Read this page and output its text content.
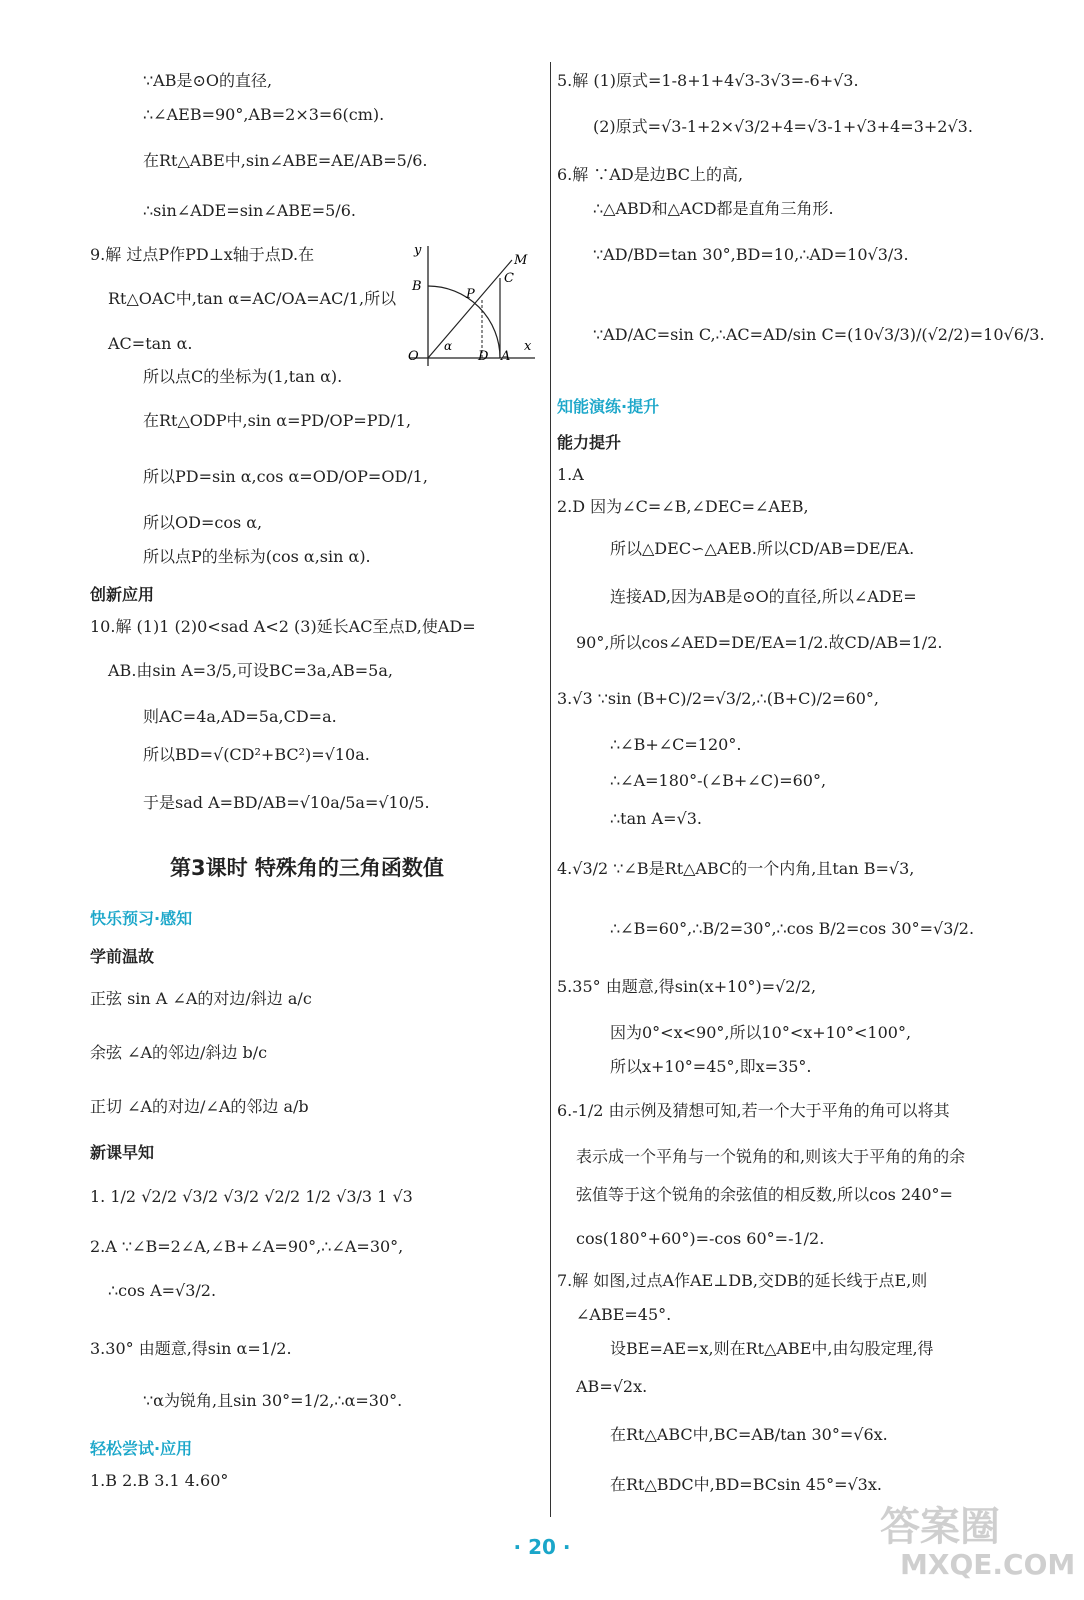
∵AB是⊙O的直径,
∴∠AEB=90°,AB=2×3=6(cm).
在Rt△ABE中,sin∠ABE=AE/AB=5/6.
∴sin∠ADE=sin∠ABE=5/6.
9.解 过点P作PD⊥x轴于点D.在
Rt△OAC中,tan α=AC/OA=AC/1,所以
AC=tan α.
所以点C的坐标为(1,tan α).
在Rt△ODP中,sin α=PD/OP=PD/1,
所以PD=sin α,cos α=OD/OP=OD/1,
所以OD=cos α,
所以点P的坐标为(cos α,sin α).
创新应用
10.解 (1)1 (2)0<sad A<2 (3)延长AC至点D,使AD=
AB.由sin A=3/5,可设BC=3a,AB=5a,
则AC=4a,AD=5a,CD=a.
所以BD=√(CD²+BC²)=√10a.
于是sad A=BD/AB=√10a/5a=√10/5.
第3课时 特殊角的三角函数值
快乐预习·感知
学前温故
正弦 sin A ∠A的对边/斜边 a/c
余弦 ∠A的邻边/斜边 b/c
正切 ∠A的对边/∠A的邻边 a/b
新课早知
1. 1/2 √2/2 √3/2 √3/2 √2/2 1/2 √3/3 1 √3
2.A ∵∠B=2∠A,∠B+∠A=90°,∴∠A=30°,
∴cos A=√3/2.
3.30° 由题意,得sin α=1/2.
∵α为锐角,且sin 30°=1/2,∴α=30°.
轻松尝试·应用
1.B 2.B 3.1 4.60°
y
M
B
P
C
α
O	D A
x
5.解 (1)原式=1-8+1+4√3-3√3=-6+√3.
(2)原式=√3-1+2×√3/2+4=√3-1+√3+4=3+2√3.
6.解 ∵AD是边BC上的高,
∴△ABD和△ACD都是直角三角形.
∵AD/BD=tan 30°,BD=10,∴AD=10√3/3.
∵AD/AC=sin C,∴AC=AD/sin C=(10√3/3)/(√2/2)=10√6/3.
知能演练·提升
能力提升
1.A
2.D 因为∠C=∠B,∠DEC=∠AEB,
所以△DEC∽△AEB.所以CD/AB=DE/EA.
连接AD,因为AB是⊙O的直径,所以∠ADE=
90°,所以cos∠AED=DE/EA=1/2.故CD/AB=1/2.
3.√3 ∵sin (B+C)/2=√3/2,∴(B+C)/2=60°,
∴∠B+∠C=120°.
∴∠A=180°-(∠B+∠C)=60°,
∴tan A=√3.
4.√3/2 ∵∠B是Rt△ABC的一个内角,且tan B=√3,
∴∠B=60°,∴B/2=30°,∴cos B/2=cos 30°=√3/2.
5.35° 由题意,得sin(x+10°)=√2/2,
因为0°<x<90°,所以10°<x+10°<100°,
所以x+10°=45°,即x=35°.
6.-1/2 由示例及猜想可知,若一个大于平角的角可以将其
表示成一个平角与一个锐角的和,则该大于平角的角的余
弦值等于这个锐角的余弦值的相反数,所以cos 240°=
cos(180°+60°)=-cos 60°=-1/2.
7.解 如图,过点A作AE⊥DB,交DB的延长线于点E,则
∠ABE=45°.
设BE=AE=x,则在Rt△ABE中,由勾股定理,得
AB=√2x.
在Rt△ABC中,BC=AB/tan 30°=√6x.
在Rt△BDC中,BD=BCsin 45°=√3x.
· 20 ·	答案圈
MXQE.COM
